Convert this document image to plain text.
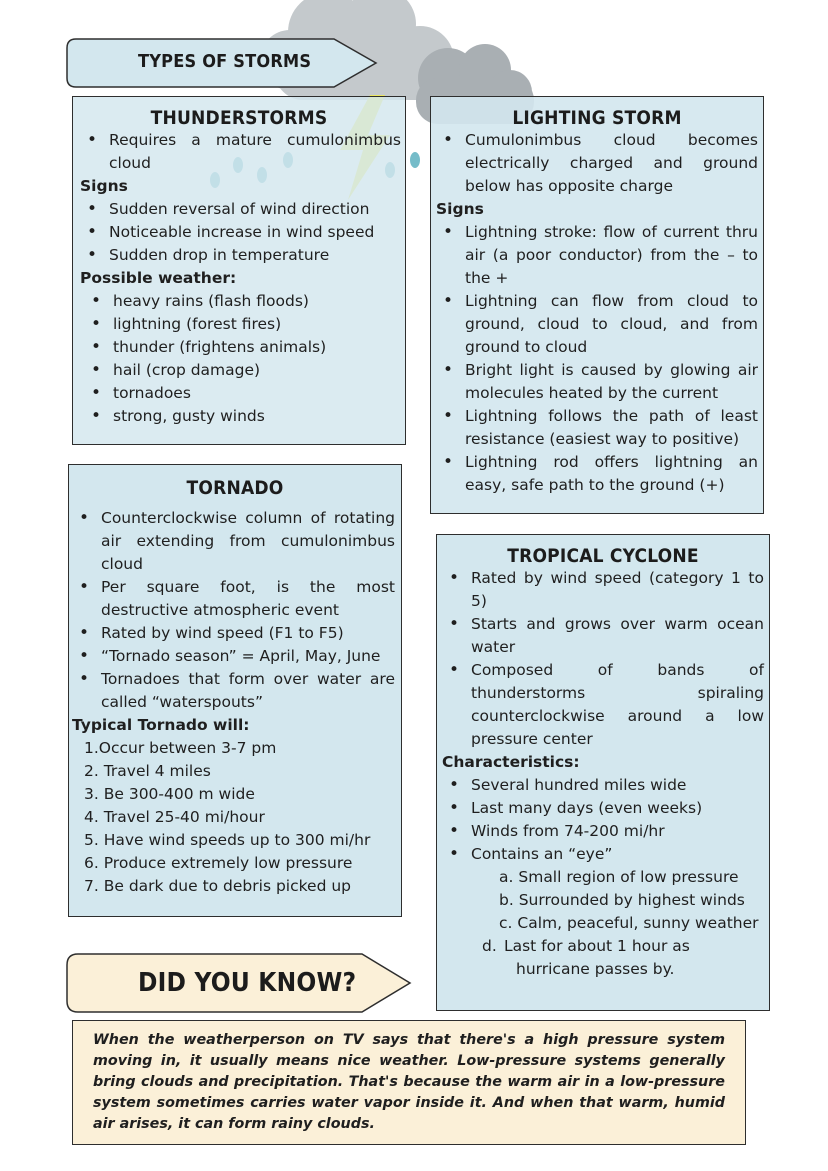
TYPES OF STORMS
THUNDERSTORMS
• Requires a mature cumulonimbus cloud
Signs
• Sudden reversal of wind direction
• Noticeable increase in wind speed
• Sudden drop in temperature
Possible weather:
• heavy rains (flash floods)
• lightning (forest fires)
• thunder (frightens animals)
• hail (crop damage)
• tornadoes
• strong, gusty winds
LIGHTING STORM
• Cumulonimbus cloud becomes electrically charged and ground below has opposite charge
Signs
• Lightning stroke: flow of current thru air (a poor conductor) from the – to the +
• Lightning can flow from cloud to ground, cloud to cloud, and from ground to cloud
• Bright light is caused by glowing air molecules heated by the current
• Lightning follows the path of least resistance (easiest way to positive)
• Lightning rod offers lightning an easy, safe path to the ground (+)
TORNADO
• Counterclockwise column of rotating air extending from cumulonimbus cloud
• Per square foot, is the most destructive atmospheric event
• Rated by wind speed (F1 to F5)
• “Tornado season” = April, May, June
• Tornadoes that form over water are called “waterspouts”
Typical Tornado will:
1.Occur between 3-7 pm
2. Travel 4 miles
3. Be 300-400 m wide
4. Travel 25-40 mi/hour
5. Have wind speeds up to 300 mi/hr
6. Produce extremely low pressure
7. Be dark due to debris picked up
TROPICAL CYCLONE
• Rated by wind speed (category 1 to 5)
• Starts and grows over warm ocean water
• Composed of bands of thunderstorms spiraling counterclockwise around a low pressure center
Characteristics:
• Several hundred miles wide
• Last many days (even weeks)
• Winds from 74-200 mi/hr
• Contains an “eye”
a. Small region of low pressure
b. Surrounded by highest winds
c. Calm, peaceful, sunny weather
d. Last for about 1 hour as hurricane passes by.
DID YOU KNOW?

When the weatherperson on TV says that there's a high pressure system moving in, it usually means nice weather. Low-pressure systems generally bring clouds and precipitation. That's because the warm air in a low-pressure system sometimes carries water vapor inside it. And when that warm, humid air arises, it can form rainy clouds.
